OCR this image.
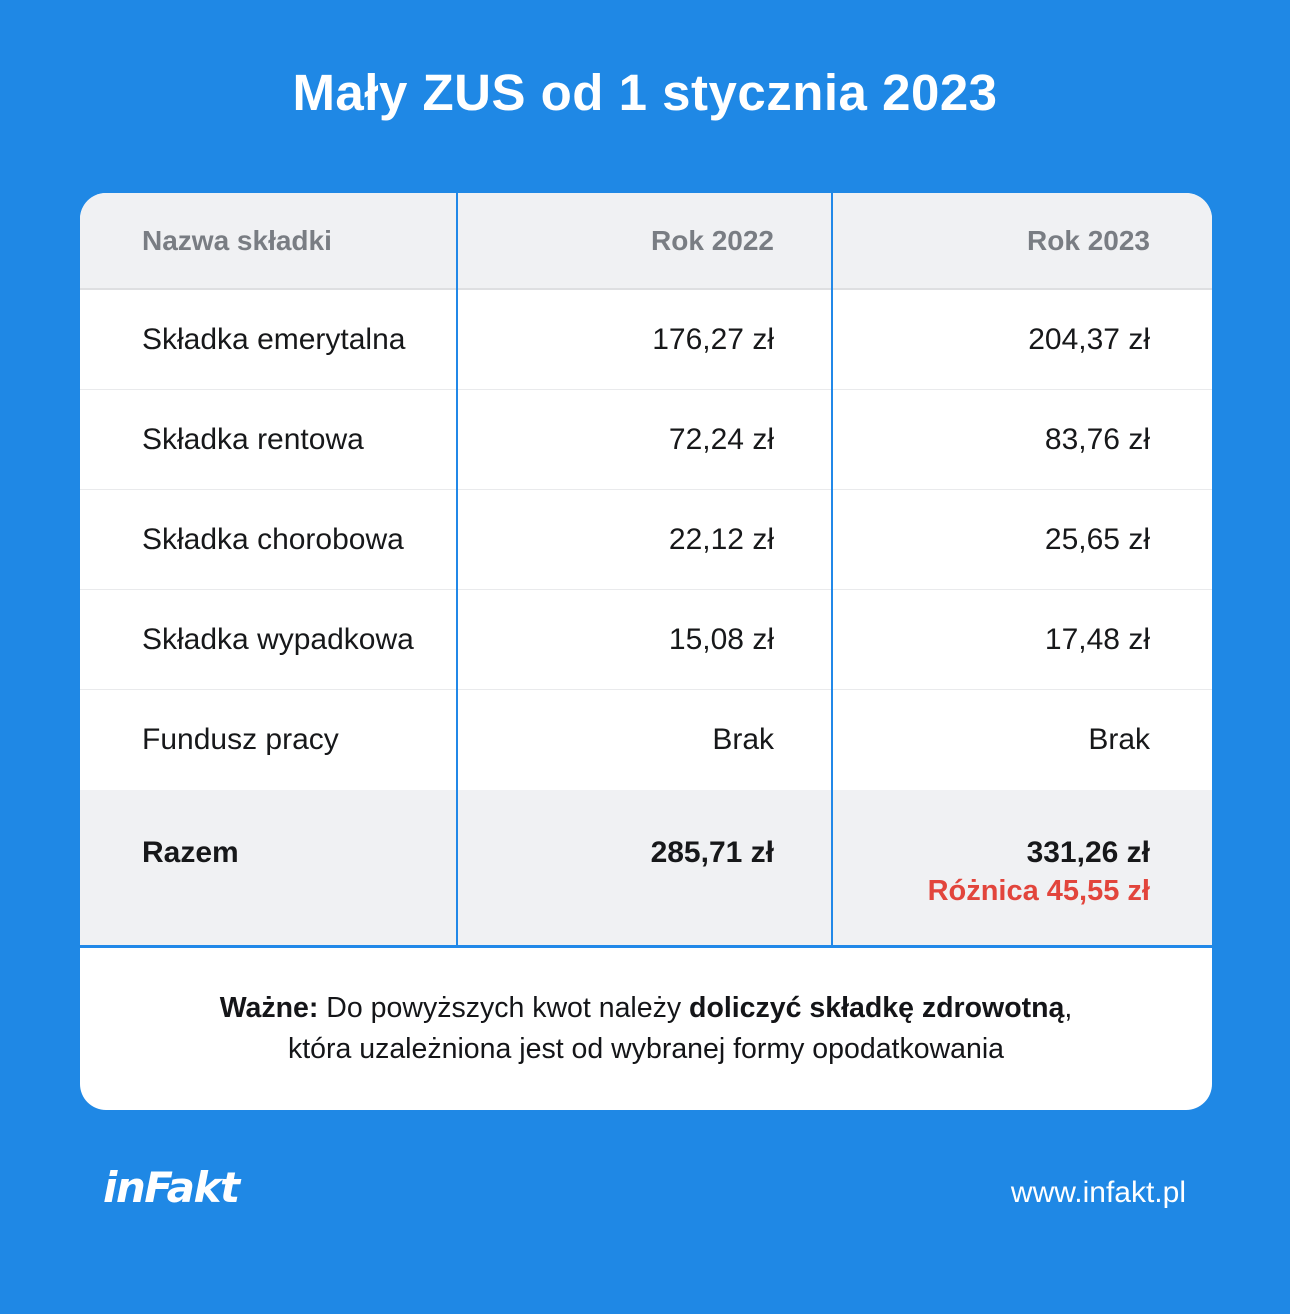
Mały ZUS od 1 stycznia 2023
Nazwa składki	Rok 2022	Rok 2023
Składka emerytalna	176,27 zł	204,37 zł
Składka rentowa	72,24 zł	83,76 zł
Składka chorobowa	22,12 zł	25,65 zł
Składka wypadkowa	15,08 zł	17,48 zł
Fundusz pracy	Brak	Brak
Razem	285,71 zł	331,26 zł
Różnica 45,55 zł

Ważne: Do powyższych kwot należy doliczyć składkę zdrowotną,

która uzależniona jest od wybranej formy opodatkowania

inFakt	www.infakt.pl
